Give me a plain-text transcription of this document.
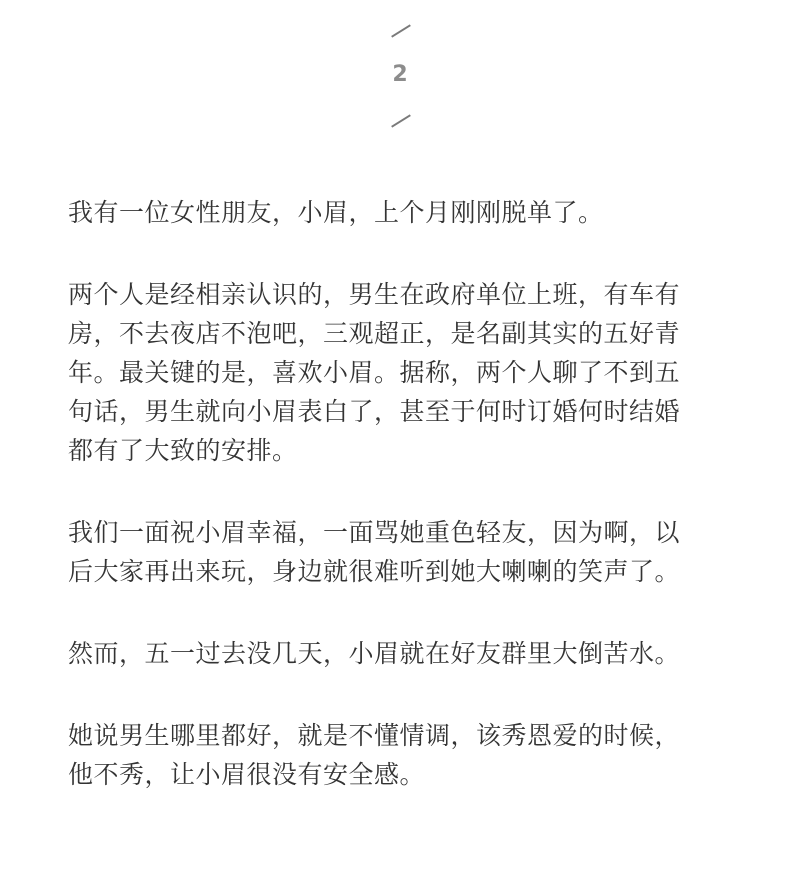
2

我有一位女性朋友，小眉，上个月刚刚脱单了。

两个人是经相亲认识的，男生在政府单位上班，有车有
房，不去夜店不泡吧，三观超正，是名副其实的五好青
年。最关键的是，喜欢小眉。据称，两个人聊了不到五
句话，男生就向小眉表白了，甚至于何时订婚何时结婚
都有了大致的安排。

我们一面祝小眉幸福，一面骂她重色轻友，因为啊，以
后大家再出来玩，身边就很难听到她大喇喇的笑声了。

然而，五一过去没几天，小眉就在好友群里大倒苦水。

她说男生哪里都好，就是不懂情调，该秀恩爱的时候，
他不秀，让小眉很没有安全感。
